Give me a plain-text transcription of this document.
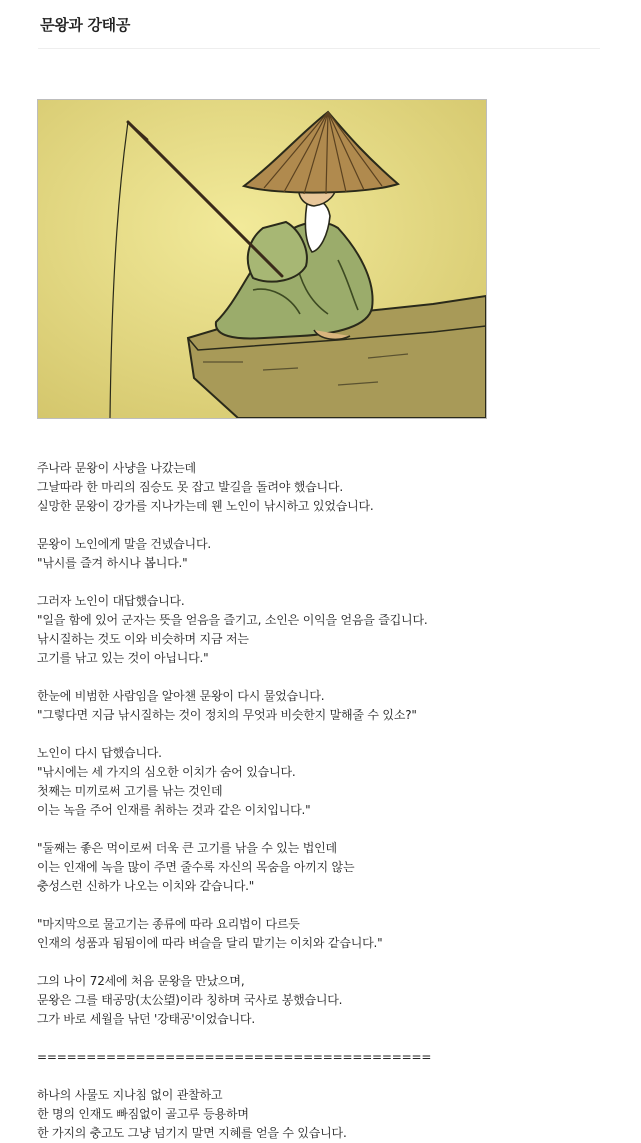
문왕과 강태공
주나라 문왕이 사냥을 나갔는데
그날따라 한 마리의 짐승도 못 잡고 발길을 돌려야 했습니다.
실망한 문왕이 강가를 지나가는데 웬 노인이 낚시하고 있었습니다.
문왕이 노인에게 말을 건넸습니다.
"낚시를 즐겨 하시나 봅니다."
그러자 노인이 대답했습니다.
"일을 함에 있어 군자는 뜻을 얻음을 즐기고, 소인은 이익을 얻음을 즐깁니다.
낚시질하는 것도 이와 비슷하며 지금 저는
고기를 낚고 있는 것이 아닙니다."
한눈에 비범한 사람임을 알아챈 문왕이 다시 물었습니다.
"그렇다면 지금 낚시질하는 것이 정치의 무엇과 비슷한지 말해줄 수 있소?"
노인이 다시 답했습니다.
"낚시에는 세 가지의 심오한 이치가 숨어 있습니다.
첫째는 미끼로써 고기를 낚는 것인데
이는 녹을 주어 인재를 취하는 것과 같은 이치입니다."
"둘째는 좋은 먹이로써 더욱 큰 고기를 낚을 수 있는 법인데
이는 인재에 녹을 많이 주면 줄수록 자신의 목숨을 아끼지 않는
충성스런 신하가 나오는 이치와 같습니다."
"마지막으로 물고기는 종류에 따라 요리법이 다르듯
인재의 성품과 됨됨이에 따라 벼슬을 달리 맡기는 이치와 같습니다."
그의 나이 72세에 처음 문왕을 만났으며,
문왕은 그를 태공망(太公望)이라 칭하며 국사로 봉했습니다.
그가 바로 세월을 낚던 '강태공'이었습니다.
========================================
하나의 사물도 지나침 없이 관찰하고
한 명의 인재도 빠짐없이 골고루 등용하며
한 가지의 충고도 그냥 넘기지 말면 지혜를 얻을 수 있습니다.
